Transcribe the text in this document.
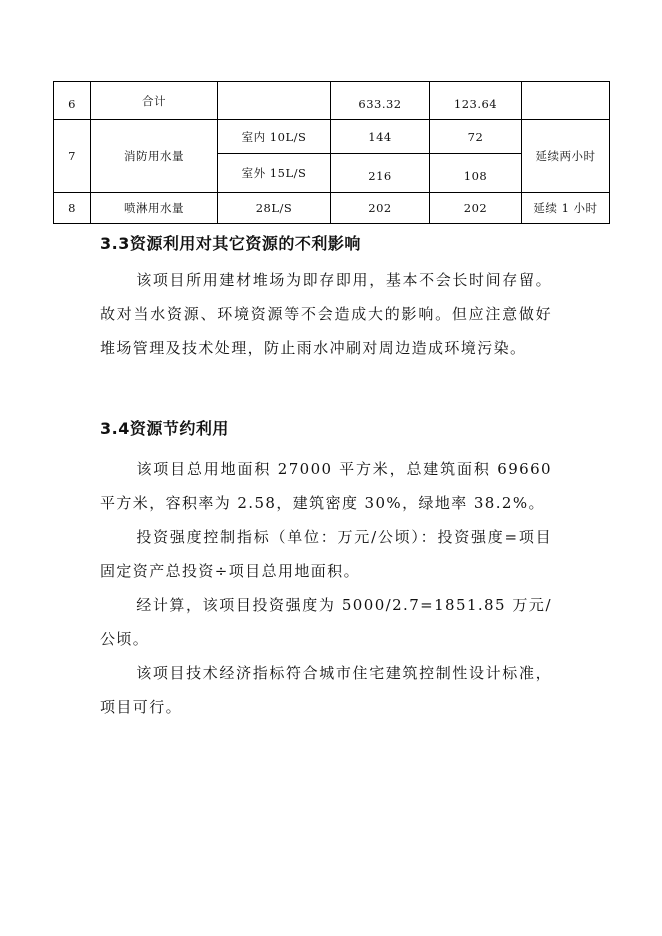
6	合计		633.32	123.64	
7	消防用水量	室内 10L/S	144	72	延续两小时
		室外 15L/S	216	108	
8	喷淋用水量	28L/S	202	202	延续 1 小时
3.3资源利用对其它资源的不利影响

该项目所用建材堆场为即存即用，基本不会长时间存留。故对当水资源、环境资源等不会造成大的影响。但应注意做好堆场管理及技术处理，防止雨水冲刷对周边造成环境污染。

3.4资源节约利用

该项目总用地面积 27000 平方米，总建筑面积 69660 平方米，容积率为 2.58，建筑密度 30%，绿地率 38.2%。

投资强度控制指标（单位：万元/公顷）：投资强度=项目固定资产总投资÷项目总用地面积。

经计算，该项目投资强度为 5000/2.7=1851.85 万元/公顷。

该项目技术经济指标符合城市住宅建筑控制性设计标准，项目可行。
